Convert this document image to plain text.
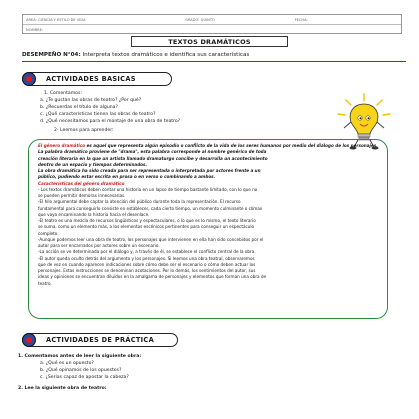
ÁREA: CIENCIA Y ESTILO DE VIDA	GRADO: QUINTO	FECHA:
NOMBRE:
TEXTOS DRAMÁTICOS
DESEMPEÑO N°04: Interpreta textos dramáticos e identifica sus características
ACTIVIDADES BASICAS
1. Comentamos:
a. ¿Te gustan las obras de teatro? ¿Por qué?
b. ¿Recuerdas el título de alguna?
c. ¿Qué características tienen las obras de teatro?
d. ¿Qué necesitamos para el montaje de una obra de teatro?
2- Leemos para aprender:

El género dramático es aquel que representa algún episodio o conflicto de la vida de los seres humanos por medio del diálogo de los personajes.

La palabra dramático proviene de "drama", esta palabra corresponde al nombre genérico de toda

creación literaria en la que un artista llamado dramaturgo concibe y desarrolla un acontecimiento

dentro de un espacio y tiempos determinados.

La obra dramática ha sido creada para ser representada o interpretada por actores frente a un

público, pudiendo estar escrita en prosa o en verso o combinando a ambos.

Características del género dramático

- Los textos dramáticos deben contar una historia en un lapso de tiempo bastante limitado, con lo que no

se pueden permitir demoras innecesarias.

-El hilo argumental debe captar la atención del público durante toda la representación. El recurso

fundamental para conseguirlo consiste en establecer, cada cierto tiempo, un momento culminante o clímax

que vaya encaminando la historia hacia el desenlace.

-El teatro es una mezcla de recursos lingüísticos y espectaculares, o lo que es lo mismo, el texto literario

se suma, como un elemento más, a los elementos escénicos pertinentes para conseguir un espectáculo

completo.

-Aunque podemos leer una obra de teatro, los personajes que intervienen en ella han sido concebidos por el

autor para ser encarnados por actores sobre un escenario.

-La acción se ve determinada por el diálogo y, a través de él, se establece el conflicto central de la obra.

-El autor queda oculto detrás del argumento y los personajes. Si leemos una obra teatral, observaremos

que de vez en cuando aparecen indicaciones sobre cómo debe ser el escenario o cómo deben actuar los

personajes. Estas instrucciones se denominan acotaciones. Por lo demás, los sentimientos del autor, sus

ideas y opiniones se encuentran diluidos en la amalgama de personajes y elementos que forman una obra de

teatro.

ACTIVIDADES DE PRÁCTICA
1. Comentamos antes de leer la siguiente obra:
a. ¿Qué es un opuesto?
b. ¿Qué opinamos de los opuestos?
c. ¿Serías capaz de apostar la cabeza?
2. Lee la siguiente obra de teatro:
